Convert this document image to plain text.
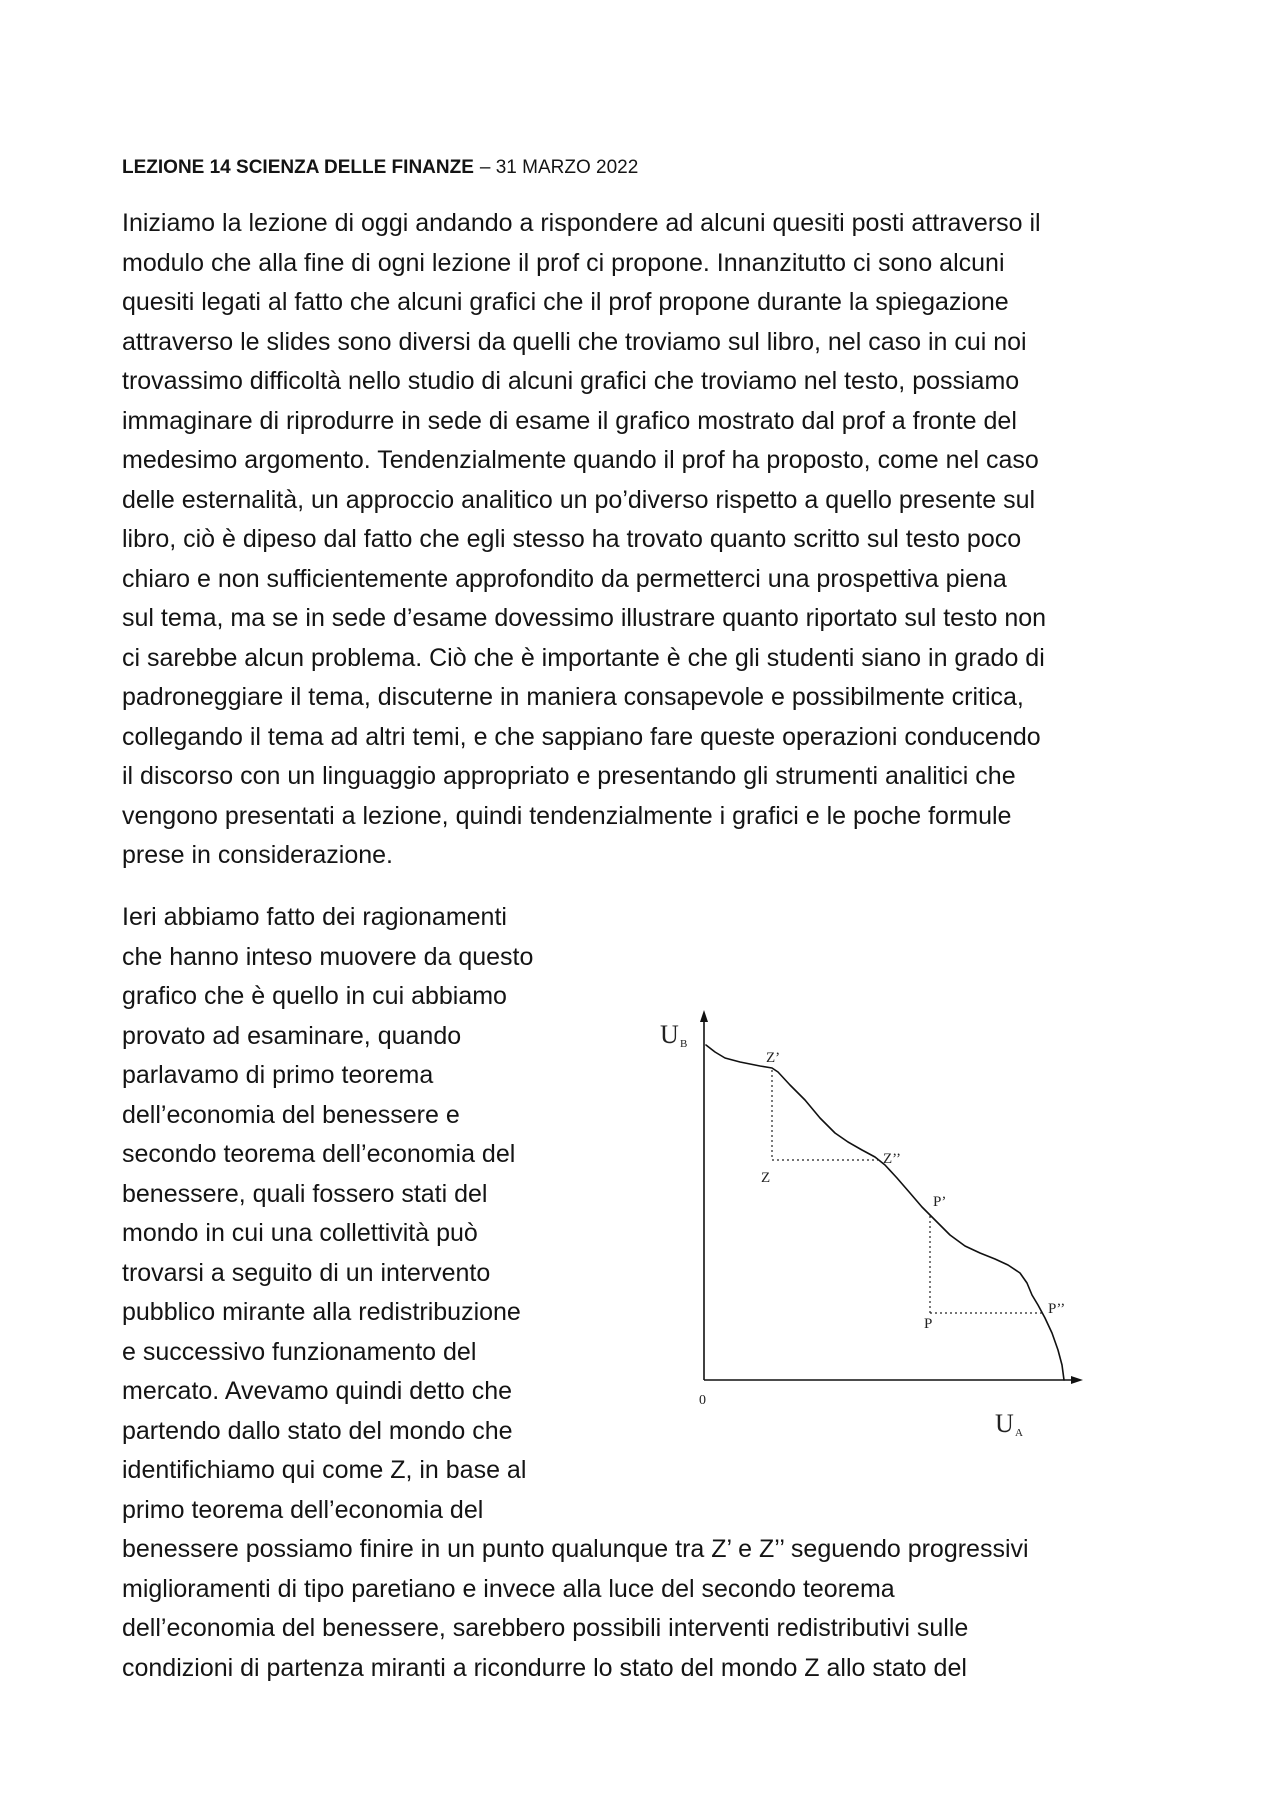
LEZIONE 14 SCIENZA DELLE FINANZE – 31 MARZO 2022
Iniziamo la lezione di oggi andando a rispondere ad alcuni quesiti posti attraverso il
modulo che alla fine di ogni lezione il prof ci propone. Innanzitutto ci sono alcuni
quesiti legati al fatto che alcuni grafici che il prof propone durante la spiegazione
attraverso le slides sono diversi da quelli che troviamo sul libro, nel caso in cui noi
trovassimo difficoltà nello studio di alcuni grafici che troviamo nel testo, possiamo
immaginare di riprodurre in sede di esame il grafico mostrato dal prof a fronte del
medesimo argomento. Tendenzialmente quando il prof ha proposto, come nel caso
delle esternalità, un approccio analitico un po’diverso rispetto a quello presente sul
libro, ciò è dipeso dal fatto che egli stesso ha trovato quanto scritto sul testo poco
chiaro e non sufficientemente approfondito da permetterci una prospettiva piena
sul tema, ma se in sede d’esame dovessimo illustrare quanto riportato sul testo non
ci sarebbe alcun problema. Ciò che è importante è che gli studenti siano in grado di
padroneggiare il tema, discuterne in maniera consapevole e possibilmente critica,
collegando il tema ad altri temi, e che sappiano fare queste operazioni conducendo
il discorso con un linguaggio appropriato e presentando gli strumenti analitici che
vengono presentati a lezione, quindi tendenzialmente i grafici e le poche formule
prese in considerazione.
Ieri abbiamo fatto dei ragionamenti
che hanno inteso muovere da questo
grafico che è quello in cui abbiamo
provato ad esaminare, quando
parlavamo di primo teorema
dell’economia del benessere e
secondo teorema dell’economia del
benessere, quali fossero stati del
mondo in cui una collettività può
trovarsi a seguito di un intervento
pubblico mirante alla redistribuzione
e successivo funzionamento del
mercato. Avevamo quindi detto che
partendo dallo stato del mondo che
identifichiamo qui come Z, in base al
primo teorema dell’economia del
benessere possiamo finire in un punto qualunque tra Z’ e Z’’ seguendo progressivi
miglioramenti di tipo paretiano e invece alla luce del secondo teorema
dell’economia del benessere, sarebbero possibili interventi redistributivi sulle
condizioni di partenza miranti a ricondurre lo stato del mondo Z allo stato del
U B
U A
0
Z’
Z
Z’’
P’
P
P’’
